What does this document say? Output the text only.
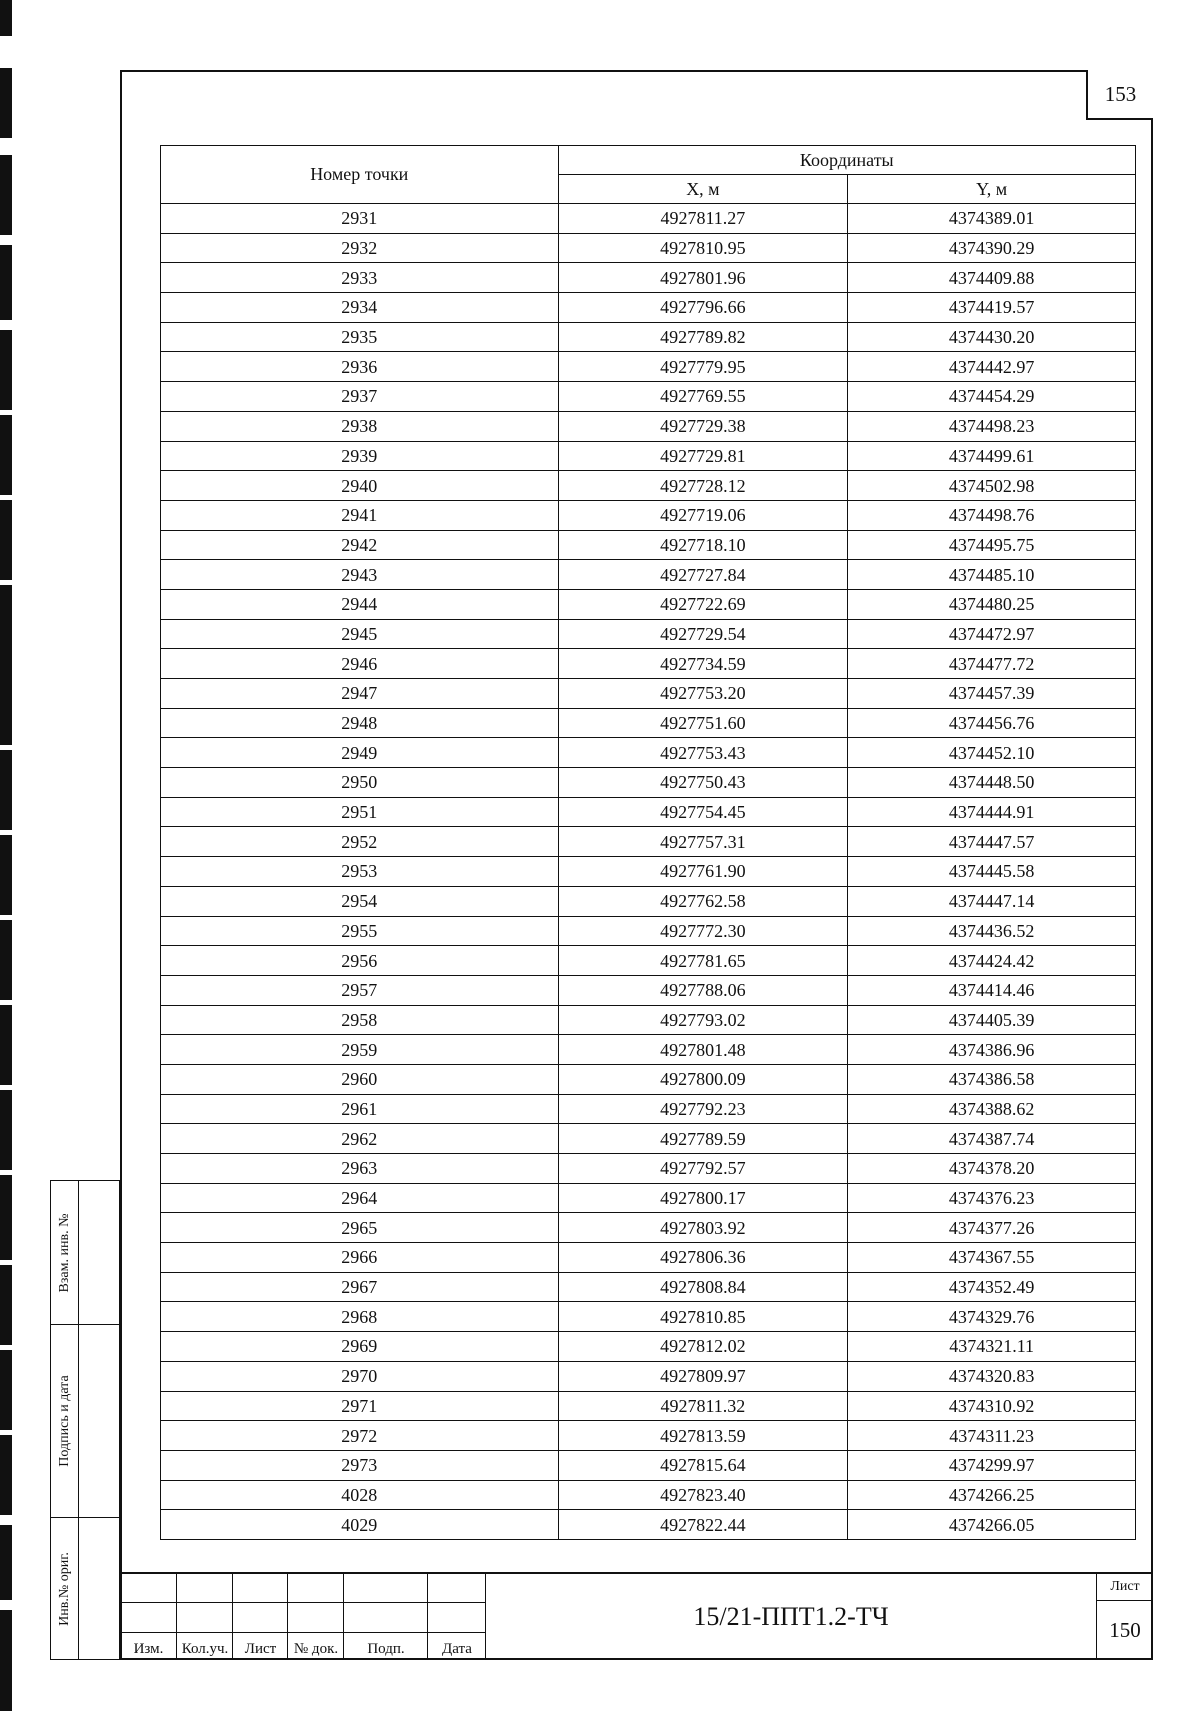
153
Взам. инв. №
Подпись и дата
Инв.№ ориг.
Номер точки	Координаты	
	X, м	Y, м
2931	4927811.27	4374389.01
2932	4927810.95	4374390.29
2933	4927801.96	4374409.88
2934	4927796.66	4374419.57
2935	4927789.82	4374430.20
2936	4927779.95	4374442.97
2937	4927769.55	4374454.29
2938	4927729.38	4374498.23
2939	4927729.81	4374499.61
2940	4927728.12	4374502.98
2941	4927719.06	4374498.76
2942	4927718.10	4374495.75
2943	4927727.84	4374485.10
2944	4927722.69	4374480.25
2945	4927729.54	4374472.97
2946	4927734.59	4374477.72
2947	4927753.20	4374457.39
2948	4927751.60	4374456.76
2949	4927753.43	4374452.10
2950	4927750.43	4374448.50
2951	4927754.45	4374444.91
2952	4927757.31	4374447.57
2953	4927761.90	4374445.58
2954	4927762.58	4374447.14
2955	4927772.30	4374436.52
2956	4927781.65	4374424.42
2957	4927788.06	4374414.46
2958	4927793.02	4374405.39
2959	4927801.48	4374386.96
2960	4927800.09	4374386.58
2961	4927792.23	4374388.62
2962	4927789.59	4374387.74
2963	4927792.57	4374378.20
2964	4927800.17	4374376.23
2965	4927803.92	4374377.26
2966	4927806.36	4374367.55
2967	4927808.84	4374352.49
2968	4927810.85	4374329.76
2969	4927812.02	4374321.11
2970	4927809.97	4374320.83
2971	4927811.32	4374310.92
2972	4927813.59	4374311.23
2973	4927815.64	4374299.97
4028	4927823.40	4374266.25
4029	4927822.44	4374266.05
Изм.	Кол.уч.	Лист	№ док.	Подп.	Дата
15/21-ППТ1.2-ТЧ
Лист
150
